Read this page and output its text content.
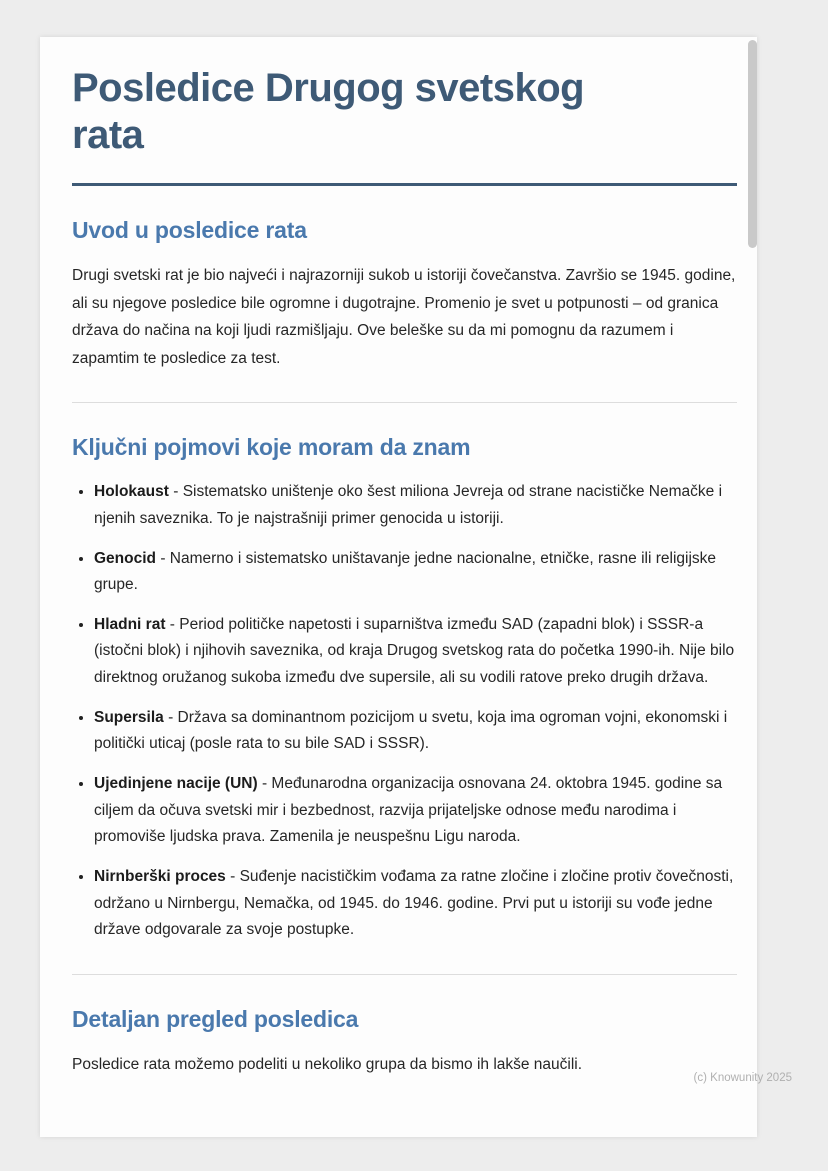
Posledice Drugog svetskog rata
Uvod u posledice rata

Drugi svetski rat je bio najveći i najrazorniji sukob u istoriji čovečanstva. Završio se 1945. godine, ali su njegove posledice bile ogromne i dugotrajne. Promenio je svet u potpunosti – od granica država do načina na koji ljudi razmišljaju. Ove beleške su da mi pomognu da razumem i zapamtim te posledice za test.

Ključni pojmovi koje moram da znam
• Holokaust - Sistematsko uništenje oko šest miliona Jevreja od strane nacističke Nemačke i njenih saveznika. To je najstrašniji primer genocida u istoriji.
• Genocid - Namerno i sistematsko uništavanje jedne nacionalne, etničke, rasne ili religijske grupe.
• Hladni rat - Period političke napetosti i suparništva između SAD (zapadni blok) i SSSR-a (istočni blok) i njihovih saveznika, od kraja Drugog svetskog rata do početka 1990-ih. Nije bilo direktnog oružanog sukoba između dve supersile, ali su vodili ratove preko drugih država.
• Supersila - Država sa dominantnom pozicijom u svetu, koja ima ogroman vojni, ekonomski i politički uticaj (posle rata to su bile SAD i SSSR).
• Ujedinjene nacije (UN) - Međunarodna organizacija osnovana 24. oktobra 1945. godine sa ciljem da očuva svetski mir i bezbednost, razvija prijateljske odnose među narodima i promoviše ljudska prava. Zamenila je neuspešnu Ligu naroda.
• Nirnberški proces - Suđenje nacističkim vođama za ratne zločine i zločine protiv čovečnosti, održano u Nirnbergu, Nemačka, od 1945. do 1946. godine. Prvi put u istoriji su vođe jedne države odgovarale za svoje postupke.
Detaljan pregled posledica

Posledice rata možemo podeliti u nekoliko grupa da bismo ih lakše naučili.

(c) Knowunity 2025
